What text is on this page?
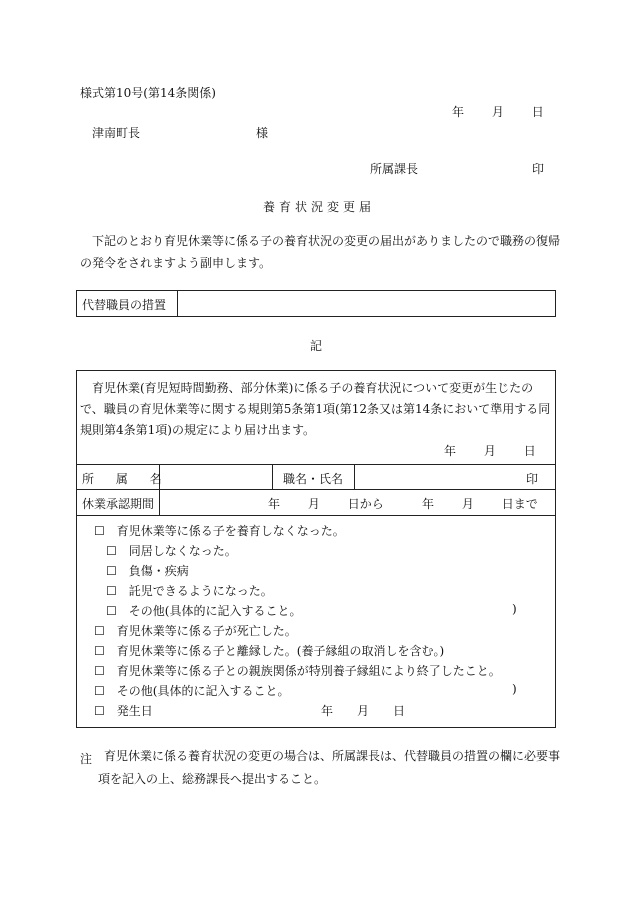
様式第10号(第14条関係)
年 月 日
津南町長	様
所属課長	印
養育状況変更届
下記のとおり育児休業等に係る子の養育状況の変更の届出がありましたので職務の復帰の発令をされますよう副申します。
代替職員の措置
記
育児休業(育児短時間勤務、部分休業)に係る子の養育状況について変更が生じたので、職員の育児休業等に関する規則第5条第1項(第12条又は第14条において準用する同規則第4条第1項)の規定により届け出ます。
年 月 日
所 属 名	職名・氏名	印
休業承認期間	年 月 日から	年 月 日まで
☐ 育児休業等に係る子を養育しなくなった。
☐ 同居しなくなった。
☐ 負傷・疾病
☐ 託児できるようになった。
☐ その他(具体的に記入すること。	)
☐ 育児休業等に係る子が死亡した。
☐ 育児休業等に係る子と離縁した。(養子縁組の取消しを含む。)
☐ 育児休業等に係る子との親族関係が特別養子縁組により終了したこと。
☐ その他(具体的に記入すること。	)
☐ 発生日	年 月 日
注 育児休業に係る養育状況の変更の場合は、所属課長は、代替職員の措置の欄に必要事項を記入の上、総務課長へ提出すること。
